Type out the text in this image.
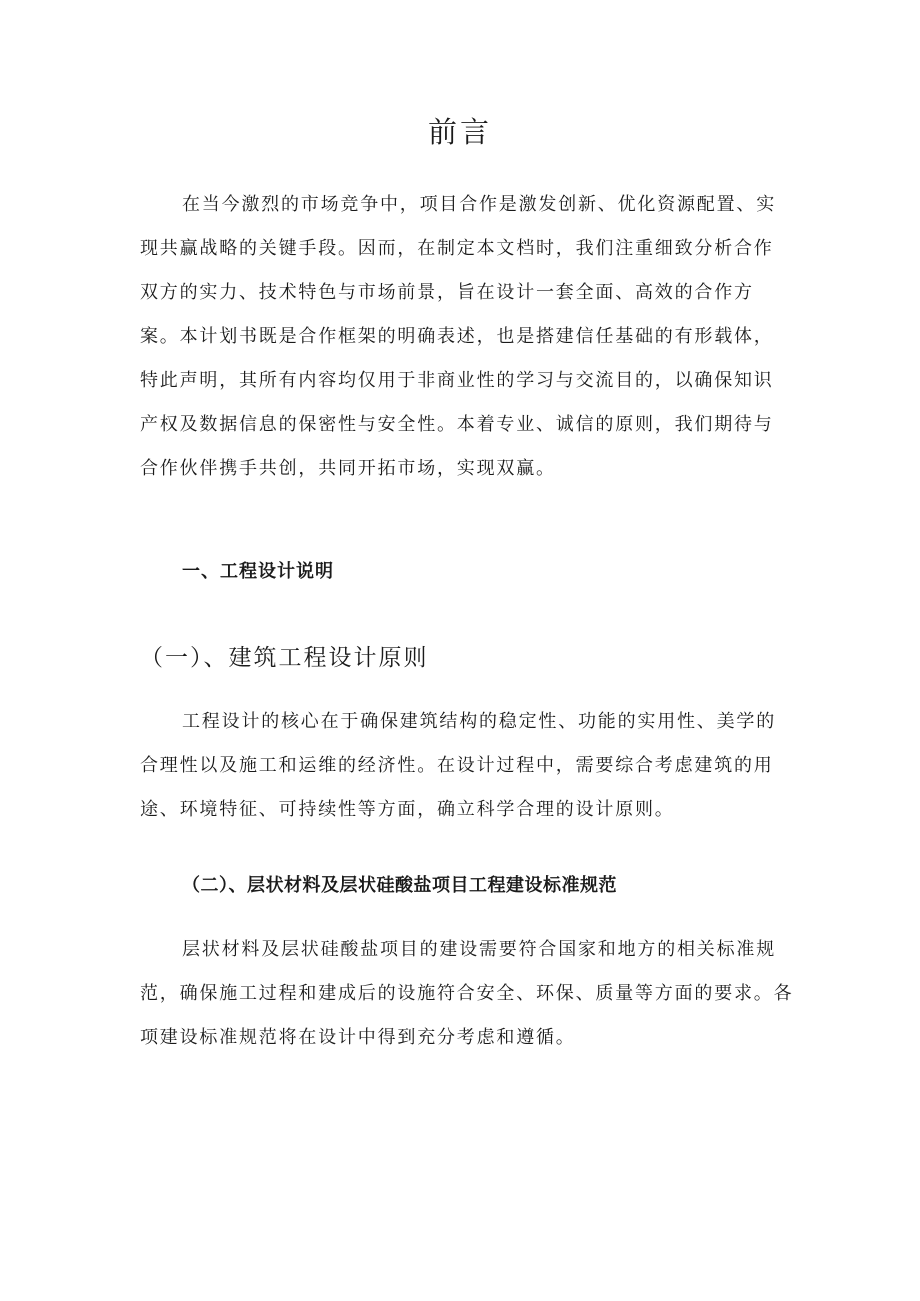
前言

在当今激烈的市场竞争中，项目合作是激发创新、优化资源配置、实现共赢战略的关键手段。因而，在制定本文档时，我们注重细致分析合作双方的实力、技术特色与市场前景，旨在设计一套全面、高效的合作方案。本计划书既是合作框架的明确表述，也是搭建信任基础的有形载体，特此声明，其所有内容均仅用于非商业性的学习与交流目的，以确保知识产权及数据信息的保密性与安全性。本着专业、诚信的原则，我们期待与合作伙伴携手共创，共同开拓市场，实现双赢。

一、工程设计说明
（一）、建筑工程设计原则

工程设计的核心在于确保建筑结构的稳定性、功能的实用性、美学的合理性以及施工和运维的经济性。在设计过程中，需要综合考虑建筑的用途、环境特征、可持续性等方面，确立科学合理的设计原则。

（二）、层状材料及层状硅酸盐项目工程建设标准规范

层状材料及层状硅酸盐项目的建设需要符合国家和地方的相关标准规范，确保施工过程和建成后的设施符合安全、环保、质量等方面的要求。各项建设标准规范将在设计中得到充分考虑和遵循。
